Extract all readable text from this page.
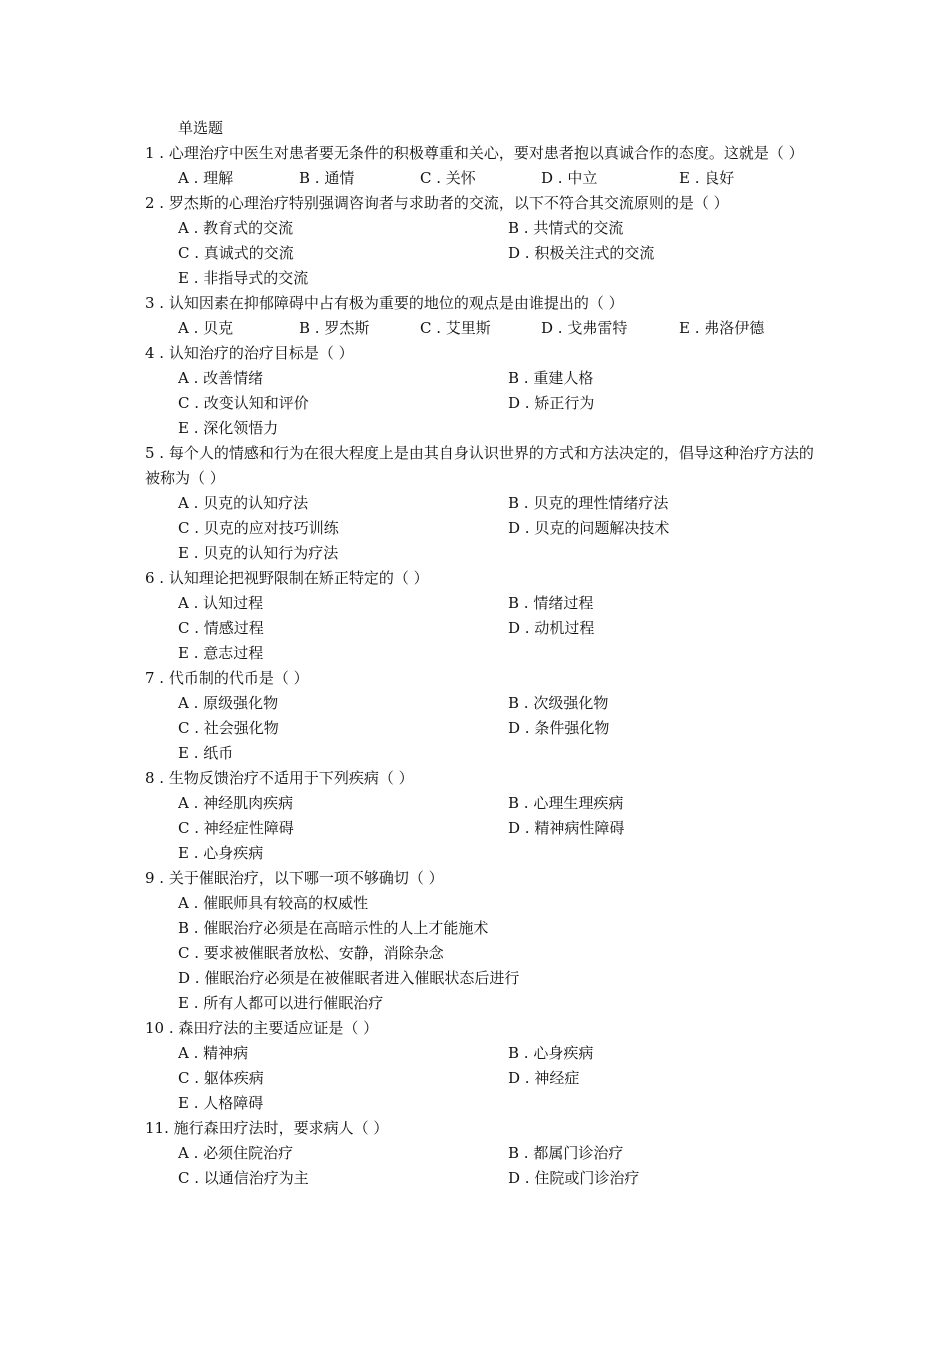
单选题
1 . 心理治疗中医生对患者要无条件的积极尊重和关心，要对患者抱以真诚合作的态度。这就是（ ）
A . 理解	B . 通情	C . 关怀	D . 中立	E . 良好
2 . 罗杰斯的心理治疗特别强调咨询者与求助者的交流，以下不符合其交流原则的是（ ）
A . 教育式的交流	B . 共情式的交流
C . 真诚式的交流	D . 积极关注式的交流
E . 非指导式的交流
3 . 认知因素在抑郁障碍中占有极为重要的地位的观点是由谁提出的（ ）
A . 贝克	B . 罗杰斯	C . 艾里斯	D . 戈弗雷特	E . 弗洛伊德
4 . 认知治疗的治疗目标是（ ）
A . 改善情绪	B . 重建人格
C . 改变认知和评价	D . 矫正行为
E . 深化领悟力
5 . 每个人的情感和行为在很大程度上是由其自身认识世界的方式和方法决定的，倡导这种治疗方法的被称为（ ）
A . 贝克的认知疗法	B . 贝克的理性情绪疗法
C . 贝克的应对技巧训练	D . 贝克的问题解决技术
E . 贝克的认知行为疗法
6 . 认知理论把视野限制在矫正特定的（ ）
A . 认知过程	B . 情绪过程
C . 情感过程	D . 动机过程
E . 意志过程
7 . 代币制的代币是（ ）
A . 原级强化物	B . 次级强化物
C . 社会强化物	D . 条件强化物
E . 纸币
8 . 生物反馈治疗不适用于下列疾病（ ）
A . 神经肌肉疾病	B . 心理生理疾病
C . 神经症性障碍	D . 精神病性障碍
E . 心身疾病
9 . 关于催眠治疗，以下哪一项不够确切（ ）
A . 催眠师具有较高的权威性
B . 催眠治疗必须是在高暗示性的人上才能施术
C . 要求被催眠者放松、安静，消除杂念
D . 催眠治疗必须是在被催眠者进入催眠状态后进行
E . 所有人都可以进行催眠治疗
10 . 森田疗法的主要适应证是（ ）
A . 精神病	B . 心身疾病
C . 躯体疾病	D . 神经症
E . 人格障碍
11. 施行森田疗法时，要求病人（ ）
A . 必须住院治疗	B . 都属门诊治疗
C . 以通信治疗为主	D . 住院或门诊治疗
